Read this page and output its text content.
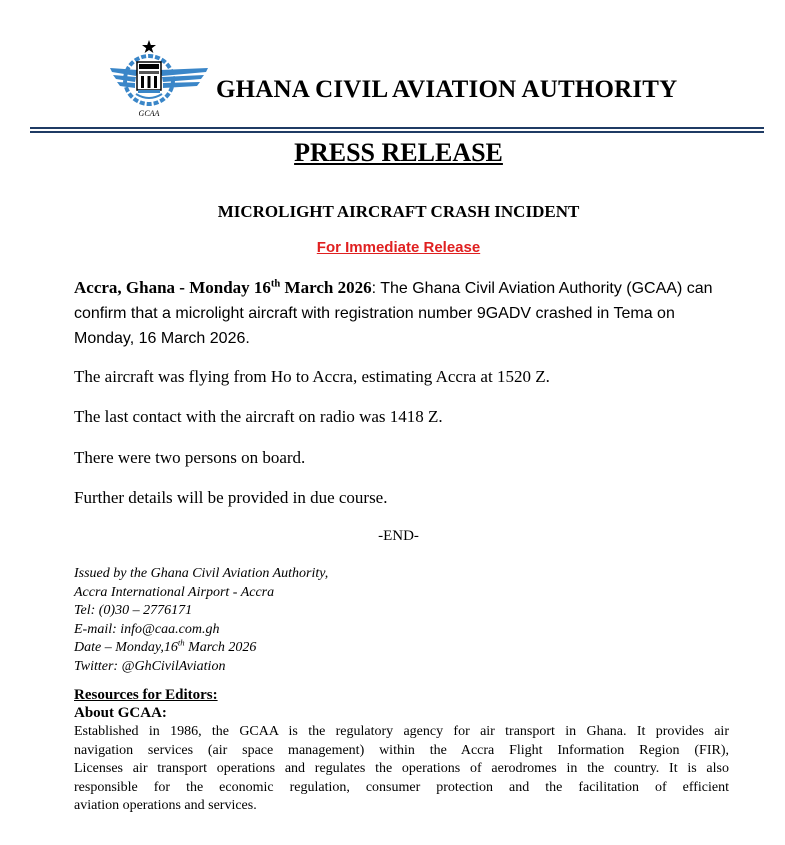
GCAA
GHANA CIVIL AVIATION AUTHORITY
PRESS RELEASE
MICROLIGHT AIRCRAFT CRASH INCIDENT
For Immediate Release
Accra, Ghana - Monday 16th March 2026: The Ghana Civil Aviation Authority (GCAA) can confirm that a microlight aircraft with registration number 9GADV crashed in Tema on Monday, 16 March 2026.
The aircraft was flying from Ho to Accra, estimating Accra at 1520 Z.
The last contact with the aircraft on radio was 1418 Z.
There were two persons on board.
Further details will be provided in due course.
-END-
Issued by the Ghana Civil Aviation Authority,
Accra International Airport - Accra
Tel: (0)30 – 2776171
E-mail: info@caa.com.gh
Date – Monday,16th March 2026
Twitter: @GhCivilAviation
Resources for Editors:
About GCAA:
Established in 1986, the GCAA is the regulatory agency for air transport in Ghana. It provides air
navigation services (air space management) within the Accra Flight Information Region (FIR),
Licenses air transport operations and regulates the operations of aerodromes in the country. It is also
responsible for the economic regulation, consumer protection and the facilitation of efficient
aviation operations and services.
